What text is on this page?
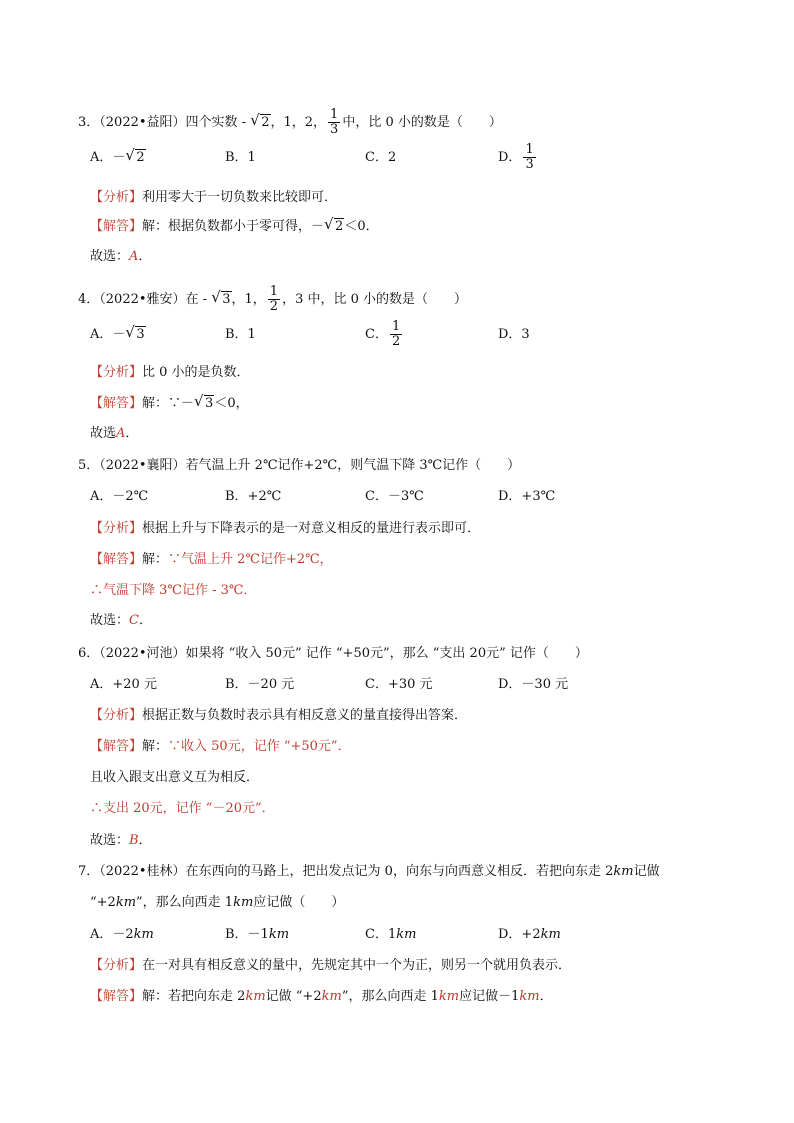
3．（2022•益阳）四个实数 - √ 2，1，2， $\frac{1}{3}$ 中，比 0 小的数是（　　）
A．－ √ 2	B．1	C．2	D． $\frac{1}{3}$
【分析】利用零大于一切负数来比较即可．
【解答】解：根据负数都小于零可得，－ √ 2＜0．
故选：A．
4．（2022•雅安）在 - √ 3，1， $\frac{1}{2}$ ，3 中，比 0 小的数是（　　）
A．－ √ 3	B．1	C． $\frac{1}{2}$	D．3
【分析】比 0 小的是负数．
【解答】解：∵－ √ 3＜0，
故选A．
5．（2022•襄阳）若气温上升 2℃记作+2℃，则气温下降 3℃记作（　　）
A．－2℃	B．+2℃	C．－3℃	D．+3℃
【分析】根据上升与下降表示的是一对意义相反的量进行表示即可．
【解答】解：∵气温上升 2℃记作+2℃，
∴气温下降 3℃记作 - 3℃．
故选：C．
6．（2022•河池）如果将 “收入 50元” 记作 “+50元”，那么 “支出 20元” 记作（　　）
A．+20 元	B．－20 元	C．+30 元	D．－30 元
【分析】根据正数与负数时表示具有相反意义的量直接得出答案．
【解答】解：∵收入 50元，记作 “+50元”．
且收入跟支出意义互为相反．
∴支出 20元，记作 “－20元”．
故选：B．
7．（2022•桂林）在东西向的马路上，把出发点记为 0，向东与向西意义相反．若把向东走 2km记做
“+2km”，那么向西走 1km应记做（　　）
A．－2km	B．－1km	C．1km	D．+2km
【分析】在一对具有相反意义的量中，先规定其中一个为正，则另一个就用负表示．
【解答】解：若把向东走 2km记做 “+2km”，那么向西走 1km应记做－1km．
